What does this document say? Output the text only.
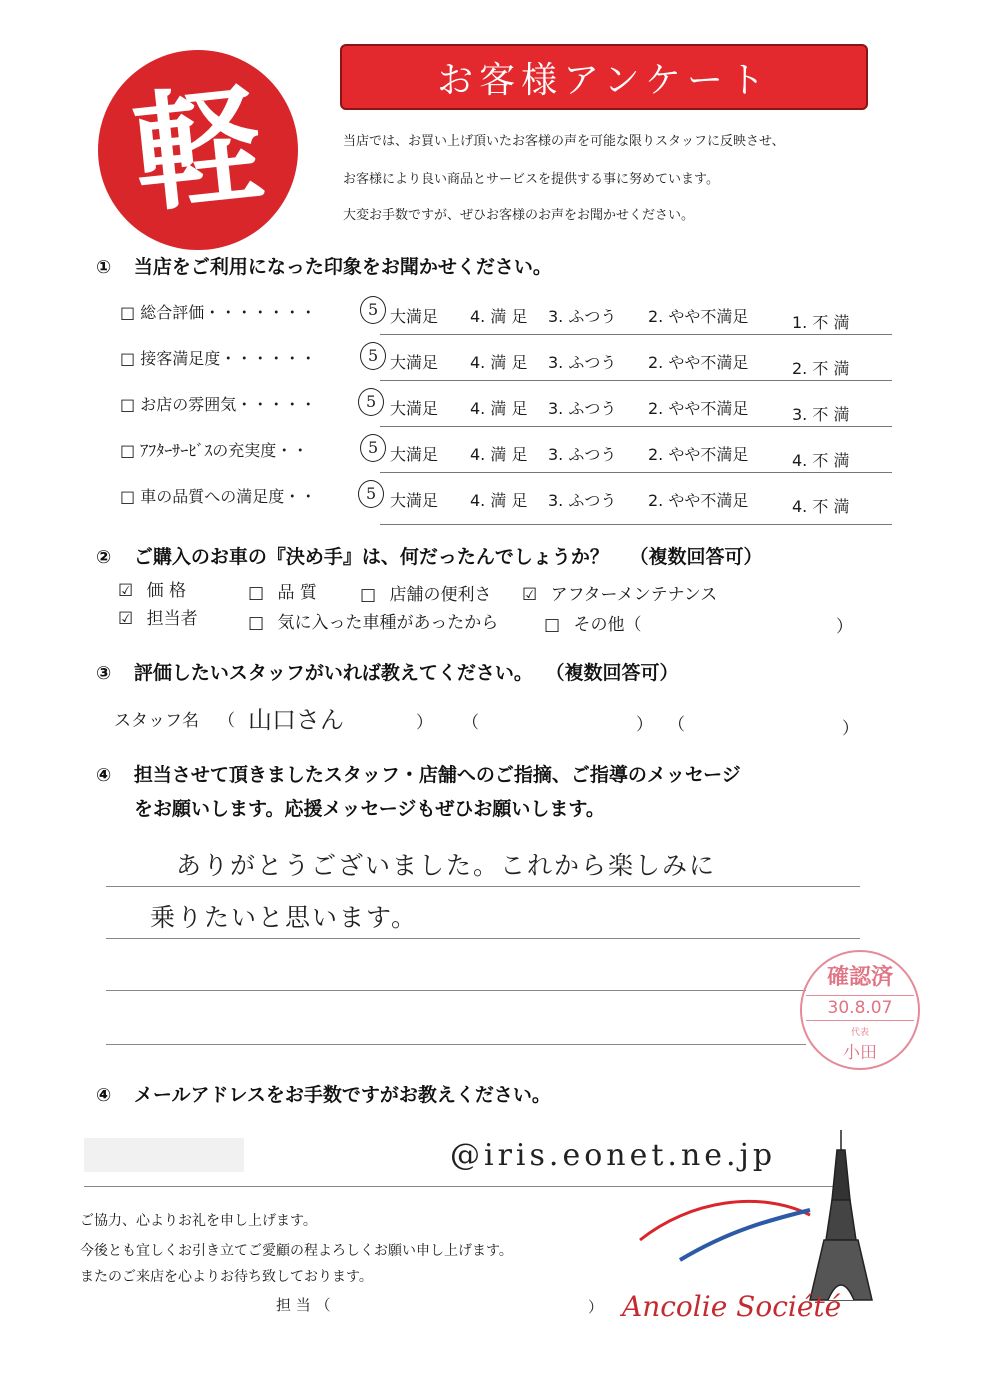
軽	お客様アンケート
当店では、お買い上げ頂いたお客様の声を可能な限りスタッフに反映させ、
お客様により良い商品とサービスを提供する事に努めています。
大変お手数ですが、ぜひお客様のお声をお聞かせください。
① 当店をご利用になった印象をお聞かせください。
□ 総合評価・・・・・・・	5 大満足 4. 満 足 3. ふつう 2. やや不満足	1. 不 満
□ 接客満足度・・・・・・	5 大満足 4. 満 足 3. ふつう 2. やや不満足	2. 不 満
□ お店の雰囲気・・・・・	5 大満足 4. 満 足 3. ふつう 2. やや不満足	3. 不 満
□ ｱﾌﾀｰｻｰﾋﾞｽの充実度・・	5 大満足 4. 満 足 3. ふつう 2. やや不満足	4. 不 満
□ 車の品質への満足度・・	5 大満足 4. 満 足 3. ふつう 2. やや不満足	4. 不 満
② ご購入のお車の『決め手』は、何だったんでしょうか？ （複数回答可）
☑ 価 格	□ 品 質	□ 店舗の便利さ ☑ アフターメンテナンス
☑ 担当者	□ 気に入った車種があったから	□ その他（	）
③ 評価したいスタッフがいれば教えてください。 （複数回答可）
スタッフ名 （ 山口さん	） （	） （	）
④ 担当させて頂きましたスタッフ・店舗へのご指摘、ご指導のメッセージ
をお願いします。応援メッセージもぜひお願いします。
ありがとうございました。これから楽しみに
乗りたいと思います。
確認済
30.8.07
代表
小田
④ メールアドレスをお手数ですがお教えください。
@iris.eonet.ne.jp
ご協力、心よりお礼を申し上げます。
今後とも宜しくお引き立てご愛顧の程よろしくお願い申し上げます。
またのご来店を心よりお待ち致しております。
担 当 （	） Ancolie Société
